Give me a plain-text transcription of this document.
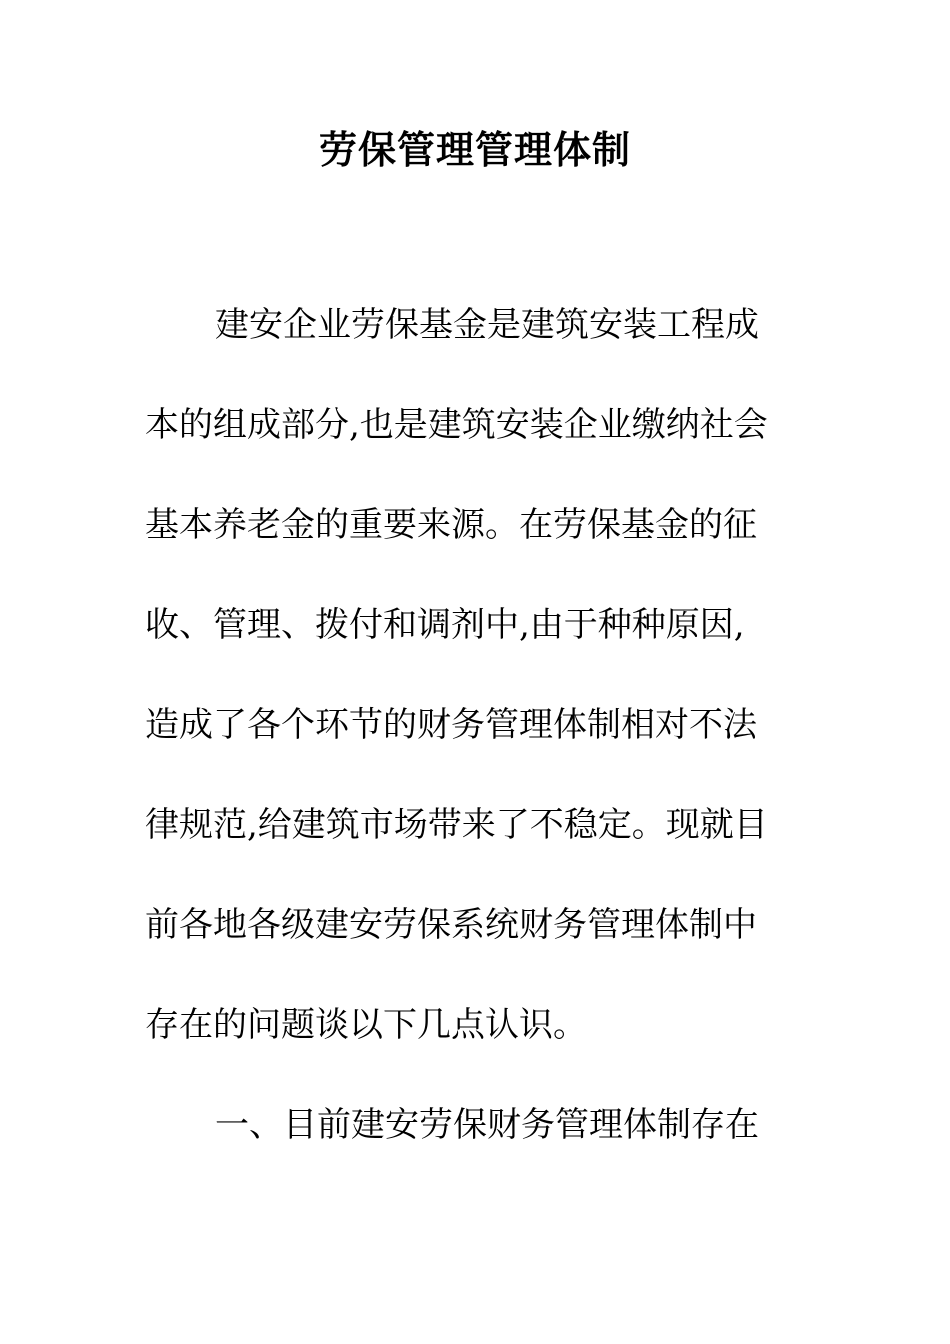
劳保管理管理体制
建安企业劳保基金是建筑安装工程成
本的组成部分,也是建筑安装企业缴纳社会
基本养老金的重要来源。在劳保基金的征
收、管理、拨付和调剂中,由于种种原因,
造成了各个环节的财务管理体制相对不法
律规范,给建筑市场带来了不稳定。现就目
前各地各级建安劳保系统财务管理体制中
存在的问题谈以下几点认识。
一、目前建安劳保财务管理体制存在
